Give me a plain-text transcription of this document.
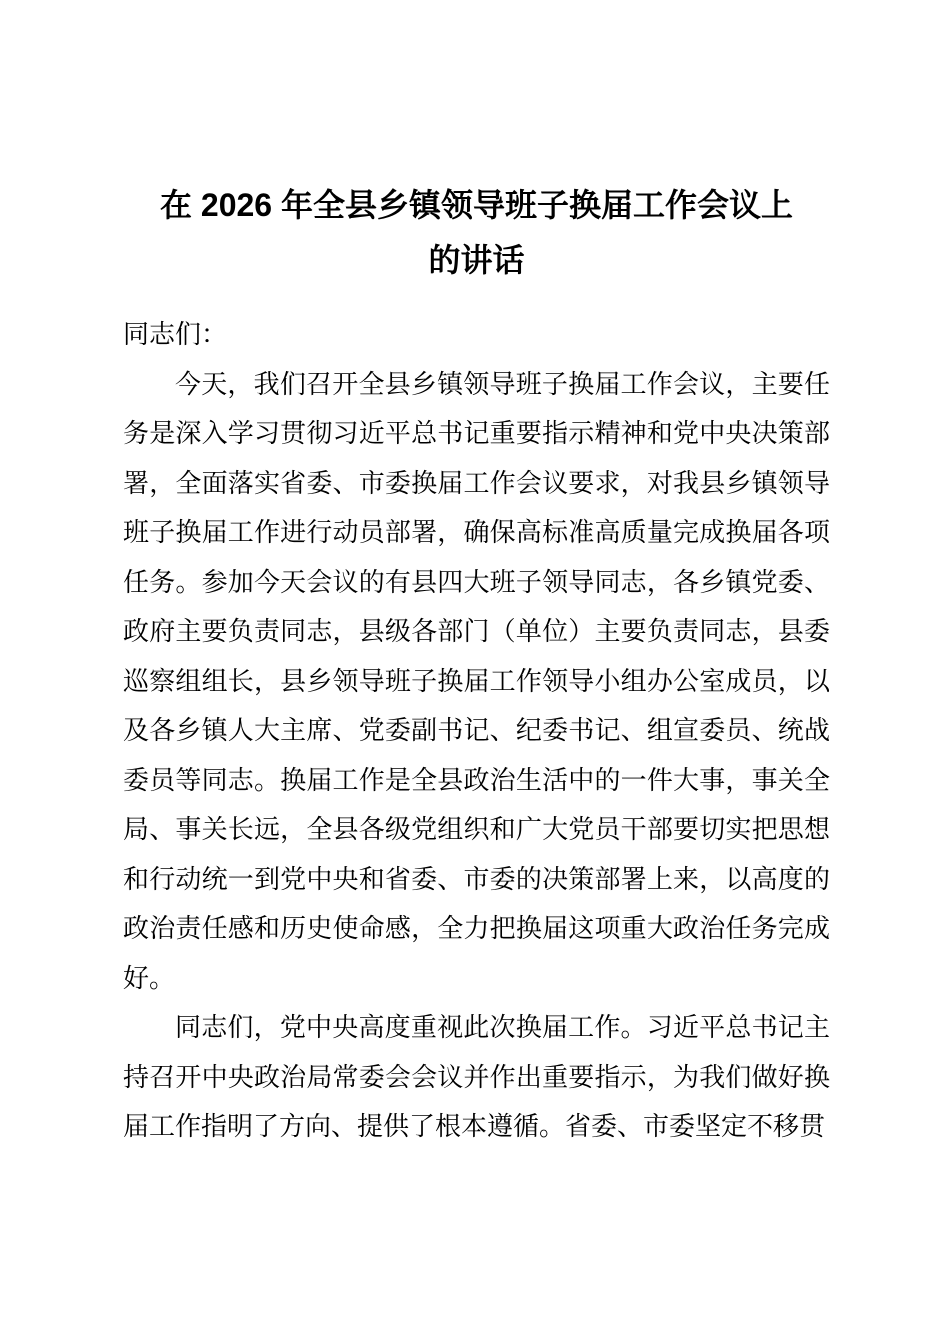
在 2026 年全县乡镇领导班子换届工作会议上
的讲话

同志们：

今天，我们召开全县乡镇领导班子换届工作会议，主要任务是深入学习贯彻习近平总书记重要指示精神和党中央决策部署，全面落实省委、市委换届工作会议要求，对我县乡镇领导班子换届工作进行动员部署，确保高标准高质量完成换届各项任务。参加今天会议的有县四大班子领导同志，各乡镇党委、政府主要负责同志，县级各部门（单位）主要负责同志，县委巡察组组长，县乡领导班子换届工作领导小组办公室成员，以及各乡镇人大主席、党委副书记、纪委书记、组宣委员、统战委员等同志。换届工作是全县政治生活中的一件大事，事关全局、事关长远，全县各级党组织和广大党员干部要切实把思想和行动统一到党中央和省委、市委的决策部署上来，以高度的政治责任感和历史使命感，全力把换届这项重大政治任务完成好。

同志们，党中央高度重视此次换届工作。习近平总书记主持召开中央政治局常委会会议并作出重要指示，为我们做好换届工作指明了方向、提供了根本遵循。省委、市委坚定不移贯
